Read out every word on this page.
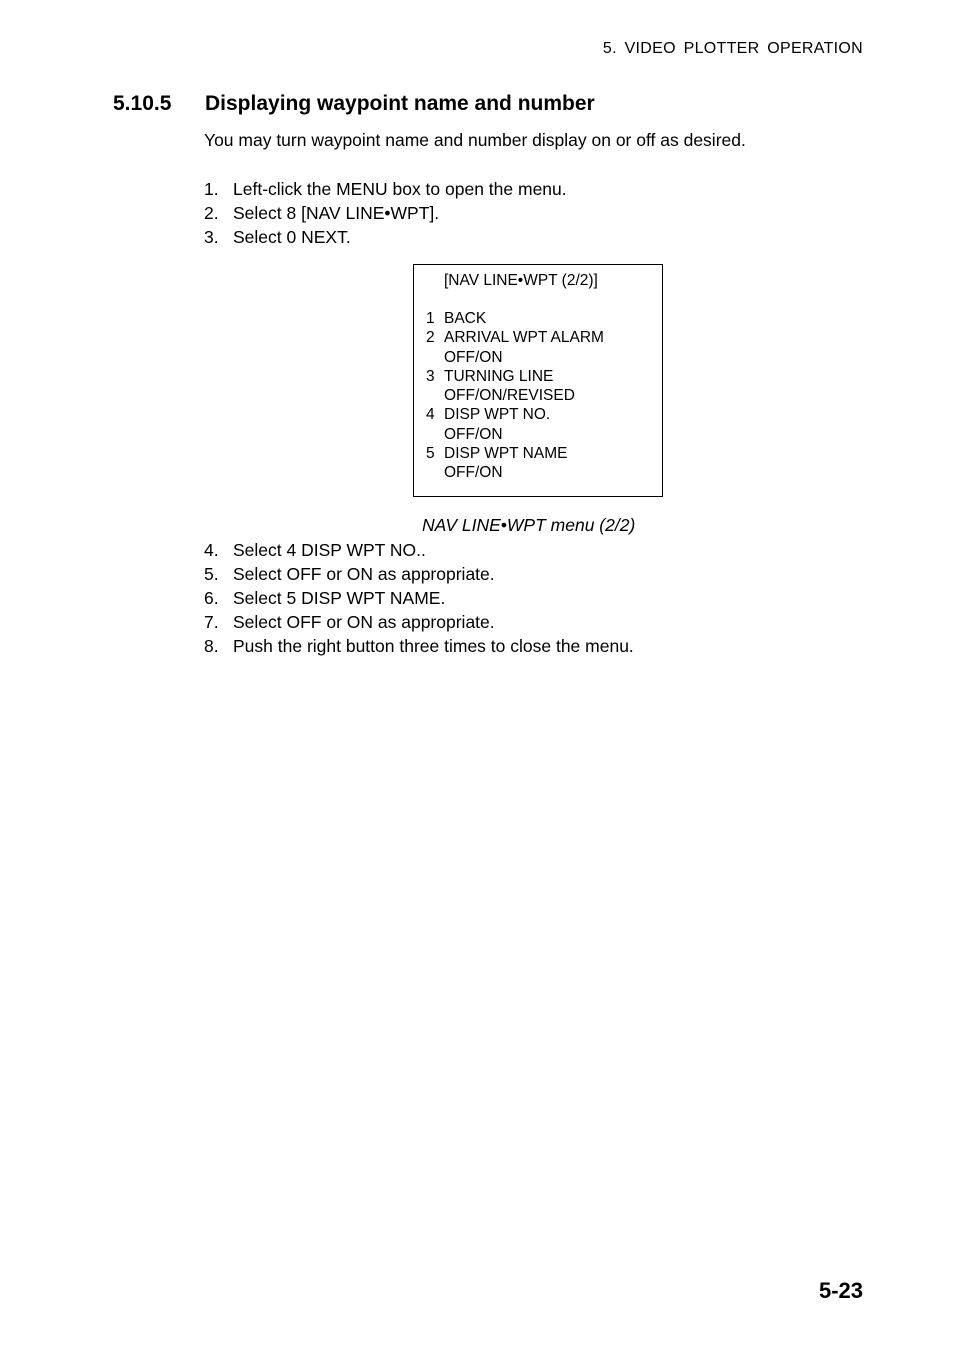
5. VIDEO PLOTTER OPERATION
5.10.5 Displaying waypoint name and number

You may turn waypoint name and number display on or off as desired.

1. Left-click the MENU box to open the menu.
2. Select 8 [NAV LINE•WPT].
3. Select 0 NEXT.
[NAV LINE•WPT (2/2)]
1 BACK
2 ARRIVAL WPT ALARM
OFF/ON
3 TURNING LINE
OFF/ON/REVISED
4 DISP WPT NO.
OFF/ON
5 DISP WPT NAME
OFF/ON
NAV LINE•WPT menu (2/2)
4. Select 4 DISP WPT NO..
5. Select OFF or ON as appropriate.
6. Select 5 DISP WPT NAME.
7. Select OFF or ON as appropriate.
8. Push the right button three times to close the menu.
5-23
